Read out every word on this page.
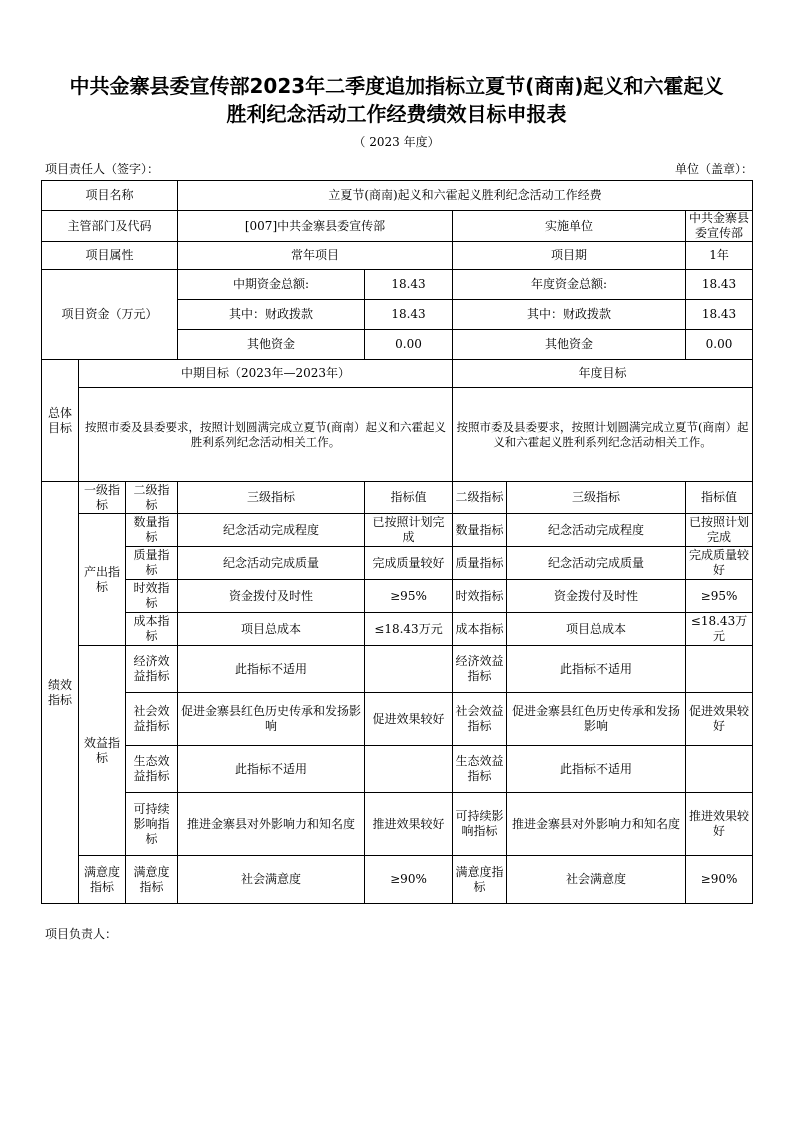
中共金寨县委宣传部2023年二季度追加指标立夏节(商南)起义和六霍起义
胜利纪念活动工作经费绩效目标申报表
（ 2023 年度）
项目责任人（签字）：	单位（盖章）：
项目名称			立夏节(商南)起义和六霍起义胜利纪念活动工作经费				
主管部门及代码			[007]中共金寨县委宣传部		实施单位		中共金寨县委宣传部
项目属性			常年项目		项目期		1年
项目资金（万元）			中期资金总额:	18.43	年度资金总额:		18.43
			其中：财政拨款	18.43	其中：财政拨款		18.43
			其他资金	0.00	其他资金		0.00
总体目标	中期目标（2023年—2023年）				年度目标		
	按照市委及县委要求，按照计划圆满完成立夏节(商南）起义和六霍起义胜利系列纪念活动相关工作。				按照市委及县委要求，按照计划圆满完成立夏节(商南）起义和六霍起义胜利系列纪念活动相关工作。		
绩效指标	一级指标	二级指标	三级指标	指标值	二级指标	三级指标	指标值
	产出指标	数量指标	纪念活动完成程度	已按照计划完成	数量指标	纪念活动完成程度	已按照计划完成
		质量指标	纪念活动完成质量	完成质量较好	质量指标	纪念活动完成质量	完成质量较好
		时效指标	资金拨付及时性	≥95%	时效指标	资金拨付及时性	≥95%
		成本指标	项目总成本	≤18.43万元	成本指标	项目总成本	≤18.43万元
	效益指标	经济效益指标	此指标不适用		经济效益指标	此指标不适用	
		社会效益指标	促进金寨县红色历史传承和发扬影响	促进效果较好	社会效益指标	促进金寨县红色历史传承和发扬影响	促进效果较好
		生态效益指标	此指标不适用		生态效益指标	此指标不适用	
		可持续影响指标	推进金寨县对外影响力和知名度	推进效果较好	可持续影响指标	推进金寨县对外影响力和知名度	推进效果较好
	满意度指标	满意度指标	社会满意度	≥90%	满意度指标	社会满意度	≥90%
项目负责人：
